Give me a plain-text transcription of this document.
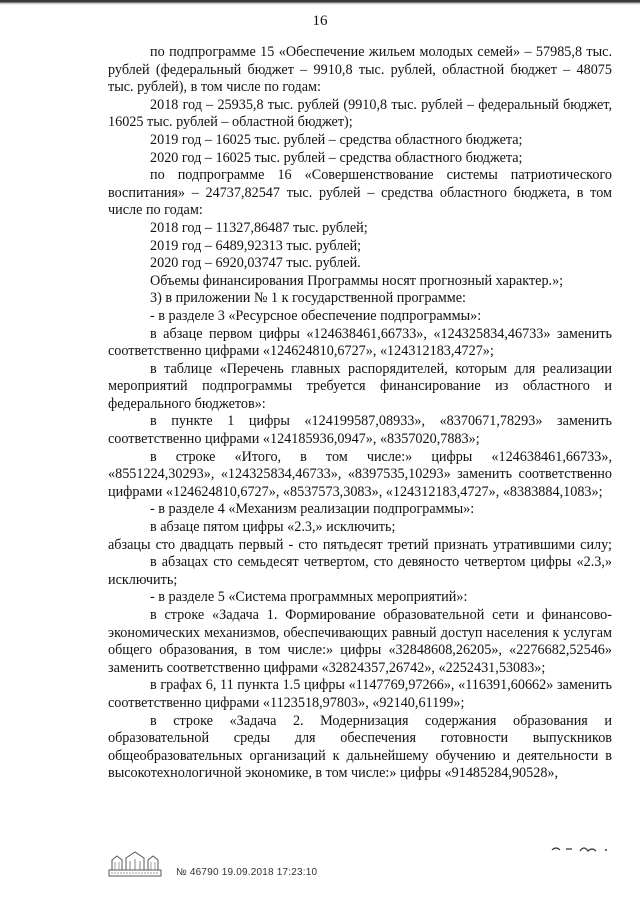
16

по подпрограмме 15 «Обеспечение жильем молодых семей» – 57985,8 тыс. рублей (федеральный бюджет – 9910,8 тыс. рублей, областной бюджет – 48075 тыс. рублей), в том числе по годам:

2018 год – 25935,8 тыс. рублей (9910,8 тыс. рублей – федеральный бюджет, 16025 тыс. рублей – областной бюджет);

2019 год – 16025 тыс. рублей – средства областного бюджета;

2020 год – 16025 тыс. рублей – средства областного бюджета;

по подпрограмме 16 «Совершенствование системы патриотического воспитания» – 24737,82547 тыс. рублей – средства областного бюджета, в том числе по годам:

2018 год – 11327,86487 тыс. рублей;

2019 год – 6489,92313 тыс. рублей;

2020 год – 6920,03747 тыс. рублей.

Объемы финансирования Программы носят прогнозный характер.»;

3) в приложении № 1 к государственной программе:

- в разделе 3 «Ресурсное обеспечение подпрограммы»:

в абзаце первом цифры «124638461,66733», «124325834,46733» заменить соответственно цифрами «124624810,6727», «124312183,4727»;

в таблице «Перечень главных распорядителей, которым для реализации мероприятий подпрограммы требуется финансирование из областного и федерального бюджетов»:

в пункте 1 цифры «124199587,08933», «8370671,78293» заменить соответственно цифрами «124185936,0947», «8357020,7883»;

в строке «Итого, в том числе:» цифры «124638461,66733», «8551224,30293», «124325834,46733», «8397535,10293» заменить соответственно цифрами «124624810,6727», «8537573,3083», «124312183,4727», «8383884,1083»;

- в разделе 4 «Механизм реализации подпрограммы»:

в абзаце пятом цифры «2.3,» исключить;

абзацы сто двадцать первый - сто пятьдесят третий признать утратившими силу;

в абзацах сто семьдесят четвертом, сто девяносто четвертом цифры «2.3,» исключить;

- в разделе 5 «Система программных мероприятий»:

в строке «Задача 1. Формирование образовательной сети и финансово-экономических механизмов, обеспечивающих равный доступ населения к услугам общего образования, в том числе:» цифры «32848608,26205», «2276682,52546» заменить соответственно цифрами «32824357,26742», «2252431,53083»;

в графах 6, 11 пункта 1.5 цифры «1147769,97266», «116391,60662» заменить соответственно цифрами «1123518,97803», «92140,61199»;

в строке «Задача 2. Модернизация содержания образования и образовательной среды для обеспечения готовности выпускников общеобразовательных организаций к дальнейшему обучению и деятельности в высокотехнологичной экономике, в том числе:» цифры «91485284,90528»,

№ 46790 19.09.2018 17:23:10
